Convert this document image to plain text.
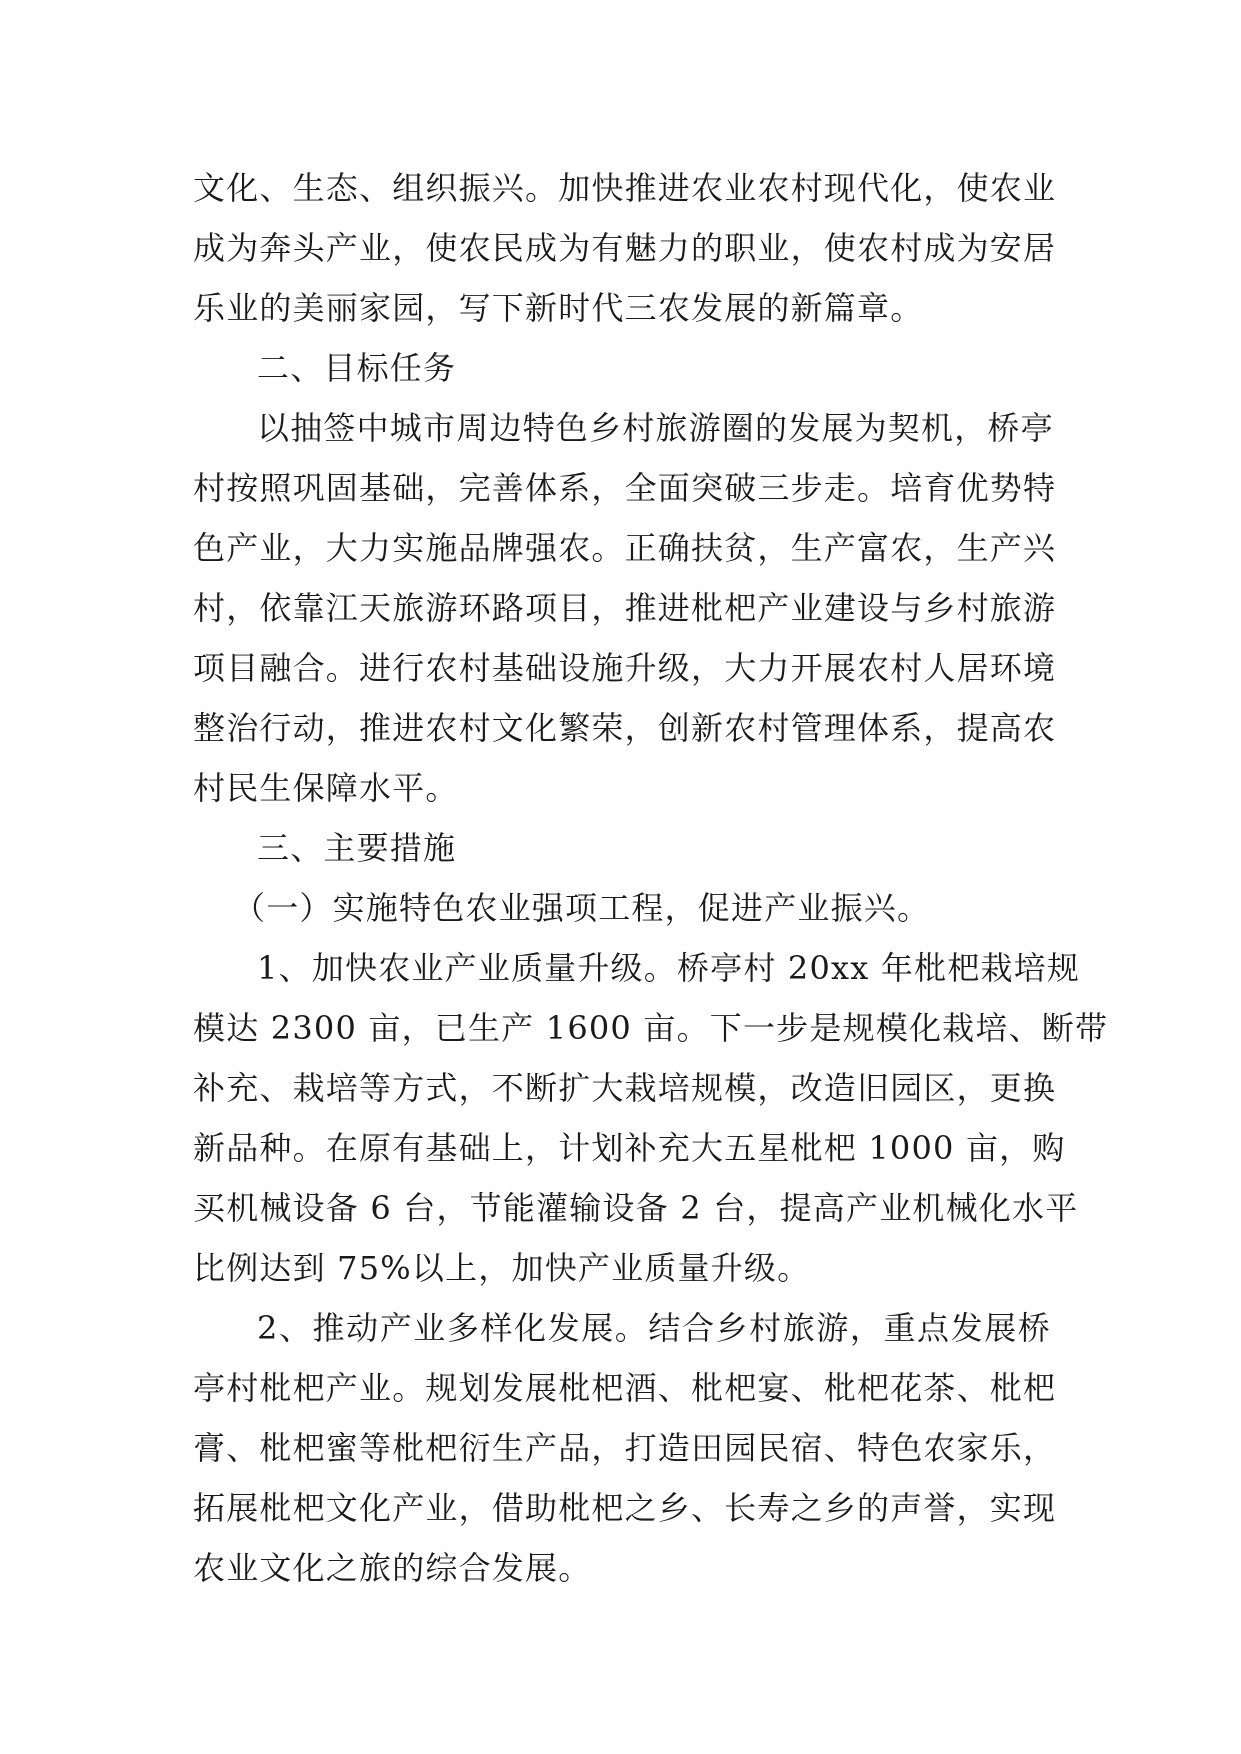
文化、生态、组织振兴。加快推进农业农村现代化，使农业
成为奔头产业，使农民成为有魅力的职业，使农村成为安居
乐业的美丽家园，写下新时代三农发展的新篇章。
二、目标任务
以抽签中城市周边特色乡村旅游圈的发展为契机，桥亭
村按照巩固基础，完善体系，全面突破三步走。培育优势特
色产业，大力实施品牌强农。正确扶贫，生产富农，生产兴
村，依靠江天旅游环路项目，推进枇杷产业建设与乡村旅游
项目融合。进行农村基础设施升级，大力开展农村人居环境
整治行动，推进农村文化繁荣，创新农村管理体系，提高农
村民生保障水平。
三、主要措施
（一）实施特色农业强项工程，促进产业振兴。
1、加快农业产业质量升级。桥亭村 20xx 年枇杷栽培规
模达 2300 亩，已生产 1600 亩。下一步是规模化栽培、断带
补充、栽培等方式，不断扩大栽培规模，改造旧园区，更换
新品种。在原有基础上，计划补充大五星枇杷 1000 亩，购
买机械设备 6 台，节能灌输设备 2 台，提高产业机械化水平
比例达到 75%以上，加快产业质量升级。
2、推动产业多样化发展。结合乡村旅游，重点发展桥
亭村枇杷产业。规划发展枇杷酒、枇杷宴、枇杷花茶、枇杷
膏、枇杷蜜等枇杷衍生产品，打造田园民宿、特色农家乐，
拓展枇杷文化产业，借助枇杷之乡、长寿之乡的声誉，实现
农业文化之旅的综合发展。
